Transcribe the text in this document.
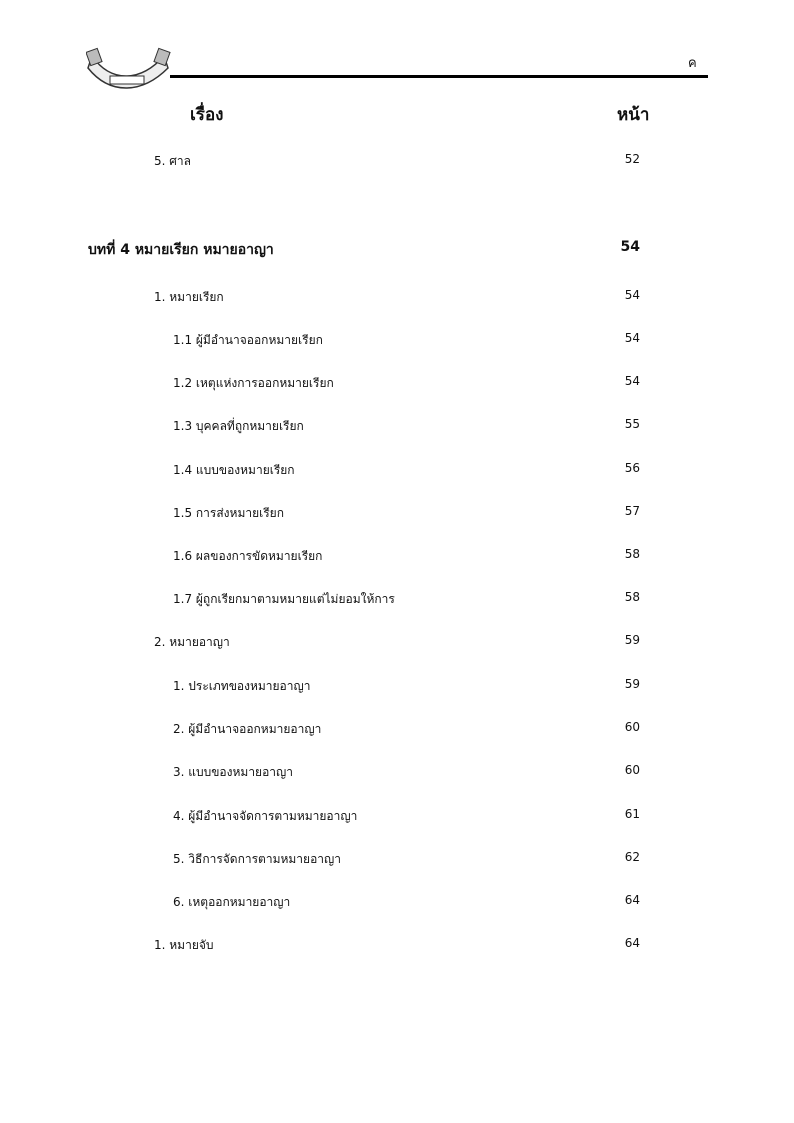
ค
เรื่อง	หน้า
5. ศาล	52
บทที่ 4 หมายเรียก หมายอาญา	54
1. หมายเรียก	54
1.1 ผู้มีอำนาจออกหมายเรียก	54
1.2 เหตุแห่งการออกหมายเรียก	54
1.3 บุคคลที่ถูกหมายเรียก	55
1.4 แบบของหมายเรียก	56
1.5 การส่งหมายเรียก	57
1.6 ผลของการขัดหมายเรียก	58
1.7 ผู้ถูกเรียกมาตามหมายแต่ไม่ยอมให้การ	58
2. หมายอาญา	59
1. ประเภทของหมายอาญา	59
2. ผู้มีอำนาจออกหมายอาญา	60
3. แบบของหมายอาญา	60
4. ผู้มีอำนาจจัดการตามหมายอาญา	61
5. วิธีการจัดการตามหมายอาญา	62
6. เหตุออกหมายอาญา	64
1. หมายจับ	64
